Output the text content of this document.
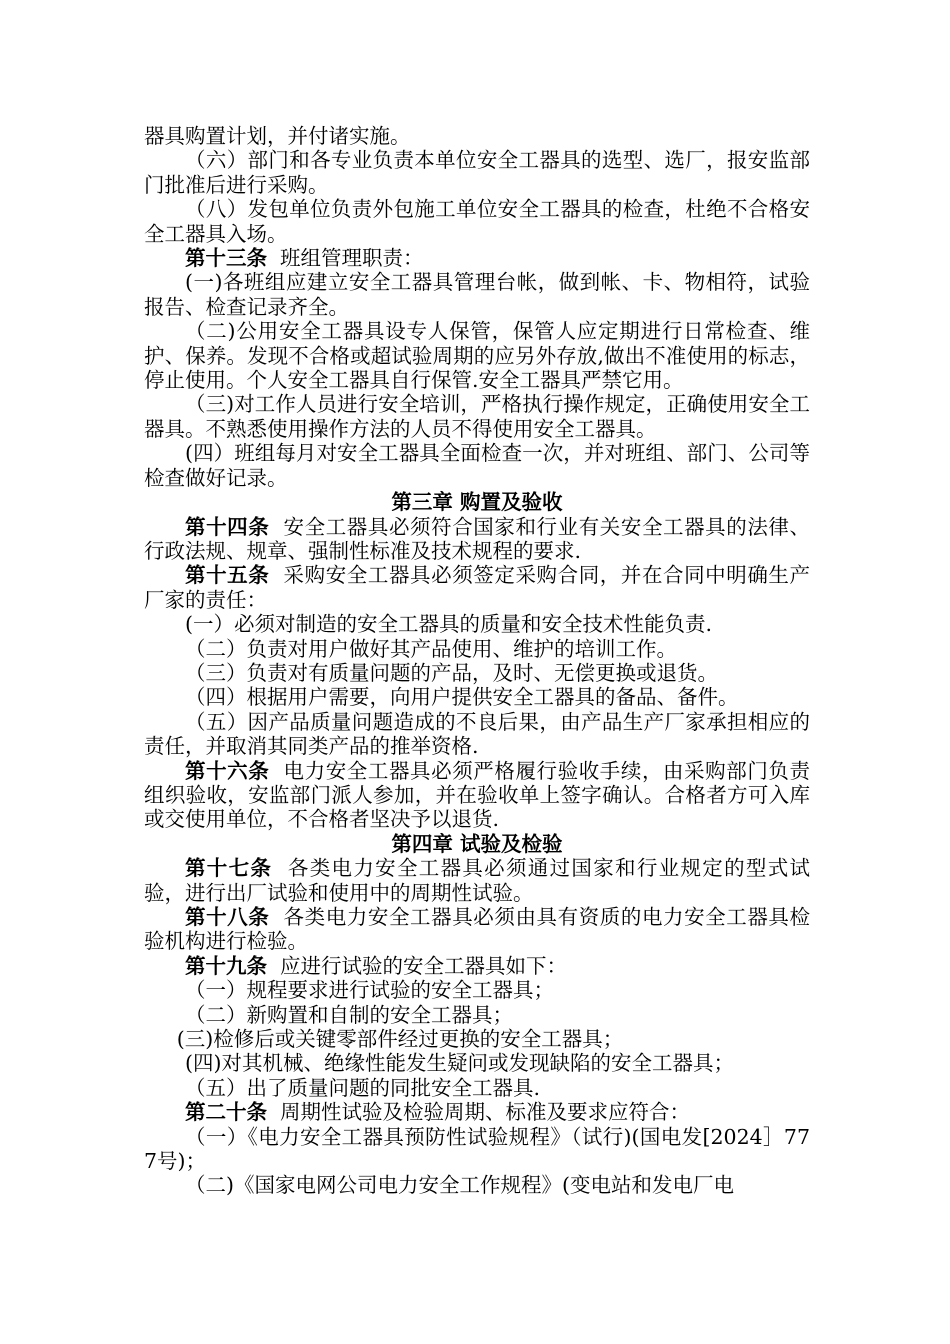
器具购置计划，并付诸实施。

（六）部门和各专业负责本单位安全工器具的选型、选厂，报安监部门批准后进行采购。

（八）发包单位负责外包施工单位安全工器具的检查，杜绝不合格安全工器具入场。

第十三条  班组管理职责：

(一)各班组应建立安全工器具管理台帐，做到帐、卡、物相符，试验报告、检查记录齐全。

（二)公用安全工器具设专人保管，保管人应定期进行日常检查、维护、保养。发现不合格或超试验周期的应另外存放,做出不准使用的标志，停止使用。个人安全工器具自行保管.安全工器具严禁它用。

（三)对工作人员进行安全培训，严格执行操作规定，正确使用安全工器具。不熟悉使用操作方法的人员不得使用安全工器具。

(四）班组每月对安全工器具全面检查一次，并对班组、部门、公司等检查做好记录。

第三章 购置及验收

第十四条  安全工器具必须符合国家和行业有关安全工器具的法律、行政法规、规章、强制性标准及技术规程的要求.

第十五条  采购安全工器具必须签定采购合同，并在合同中明确生产厂家的责任：

(一）必须对制造的安全工器具的质量和安全技术性能负责.

（二）负责对用户做好其产品使用、维护的培训工作。

（三）负责对有质量问题的产品，及时、无偿更换或退货。

（四）根据用户需要，向用户提供安全工器具的备品、备件。

（五）因产品质量问题造成的不良后果，由产品生产厂家承担相应的责任，并取消其同类产品的推举资格.

第十六条  电力安全工器具必须严格履行验收手续，由采购部门负责组织验收，安监部门派人参加，并在验收单上签字确认。合格者方可入库或交使用单位，不合格者坚决予以退货.

第四章 试验及检验

第十七条  各类电力安全工器具必须通过国家和行业规定的型式试验，进行出厂试验和使用中的周期性试验。

第十八条  各类电力安全工器具必须由具有资质的电力安全工器具检验机构进行检验。

第十九条  应进行试验的安全工器具如下：

（一）规程要求进行试验的安全工器具；

（二）新购置和自制的安全工器具；

(三)检修后或关键零部件经过更换的安全工器具；

(四)对其机械、绝缘性能发生疑问或发现缺陷的安全工器具；

（五）出了质量问题的同批安全工器具.

第二十条  周期性试验及检验周期、标准及要求应符合：

（一）《电力安全工器具预防性试验规程》（试行)(国电发[2024］777号)；

（二)《国家电网公司电力安全工作规程》(变电站和发电厂电
